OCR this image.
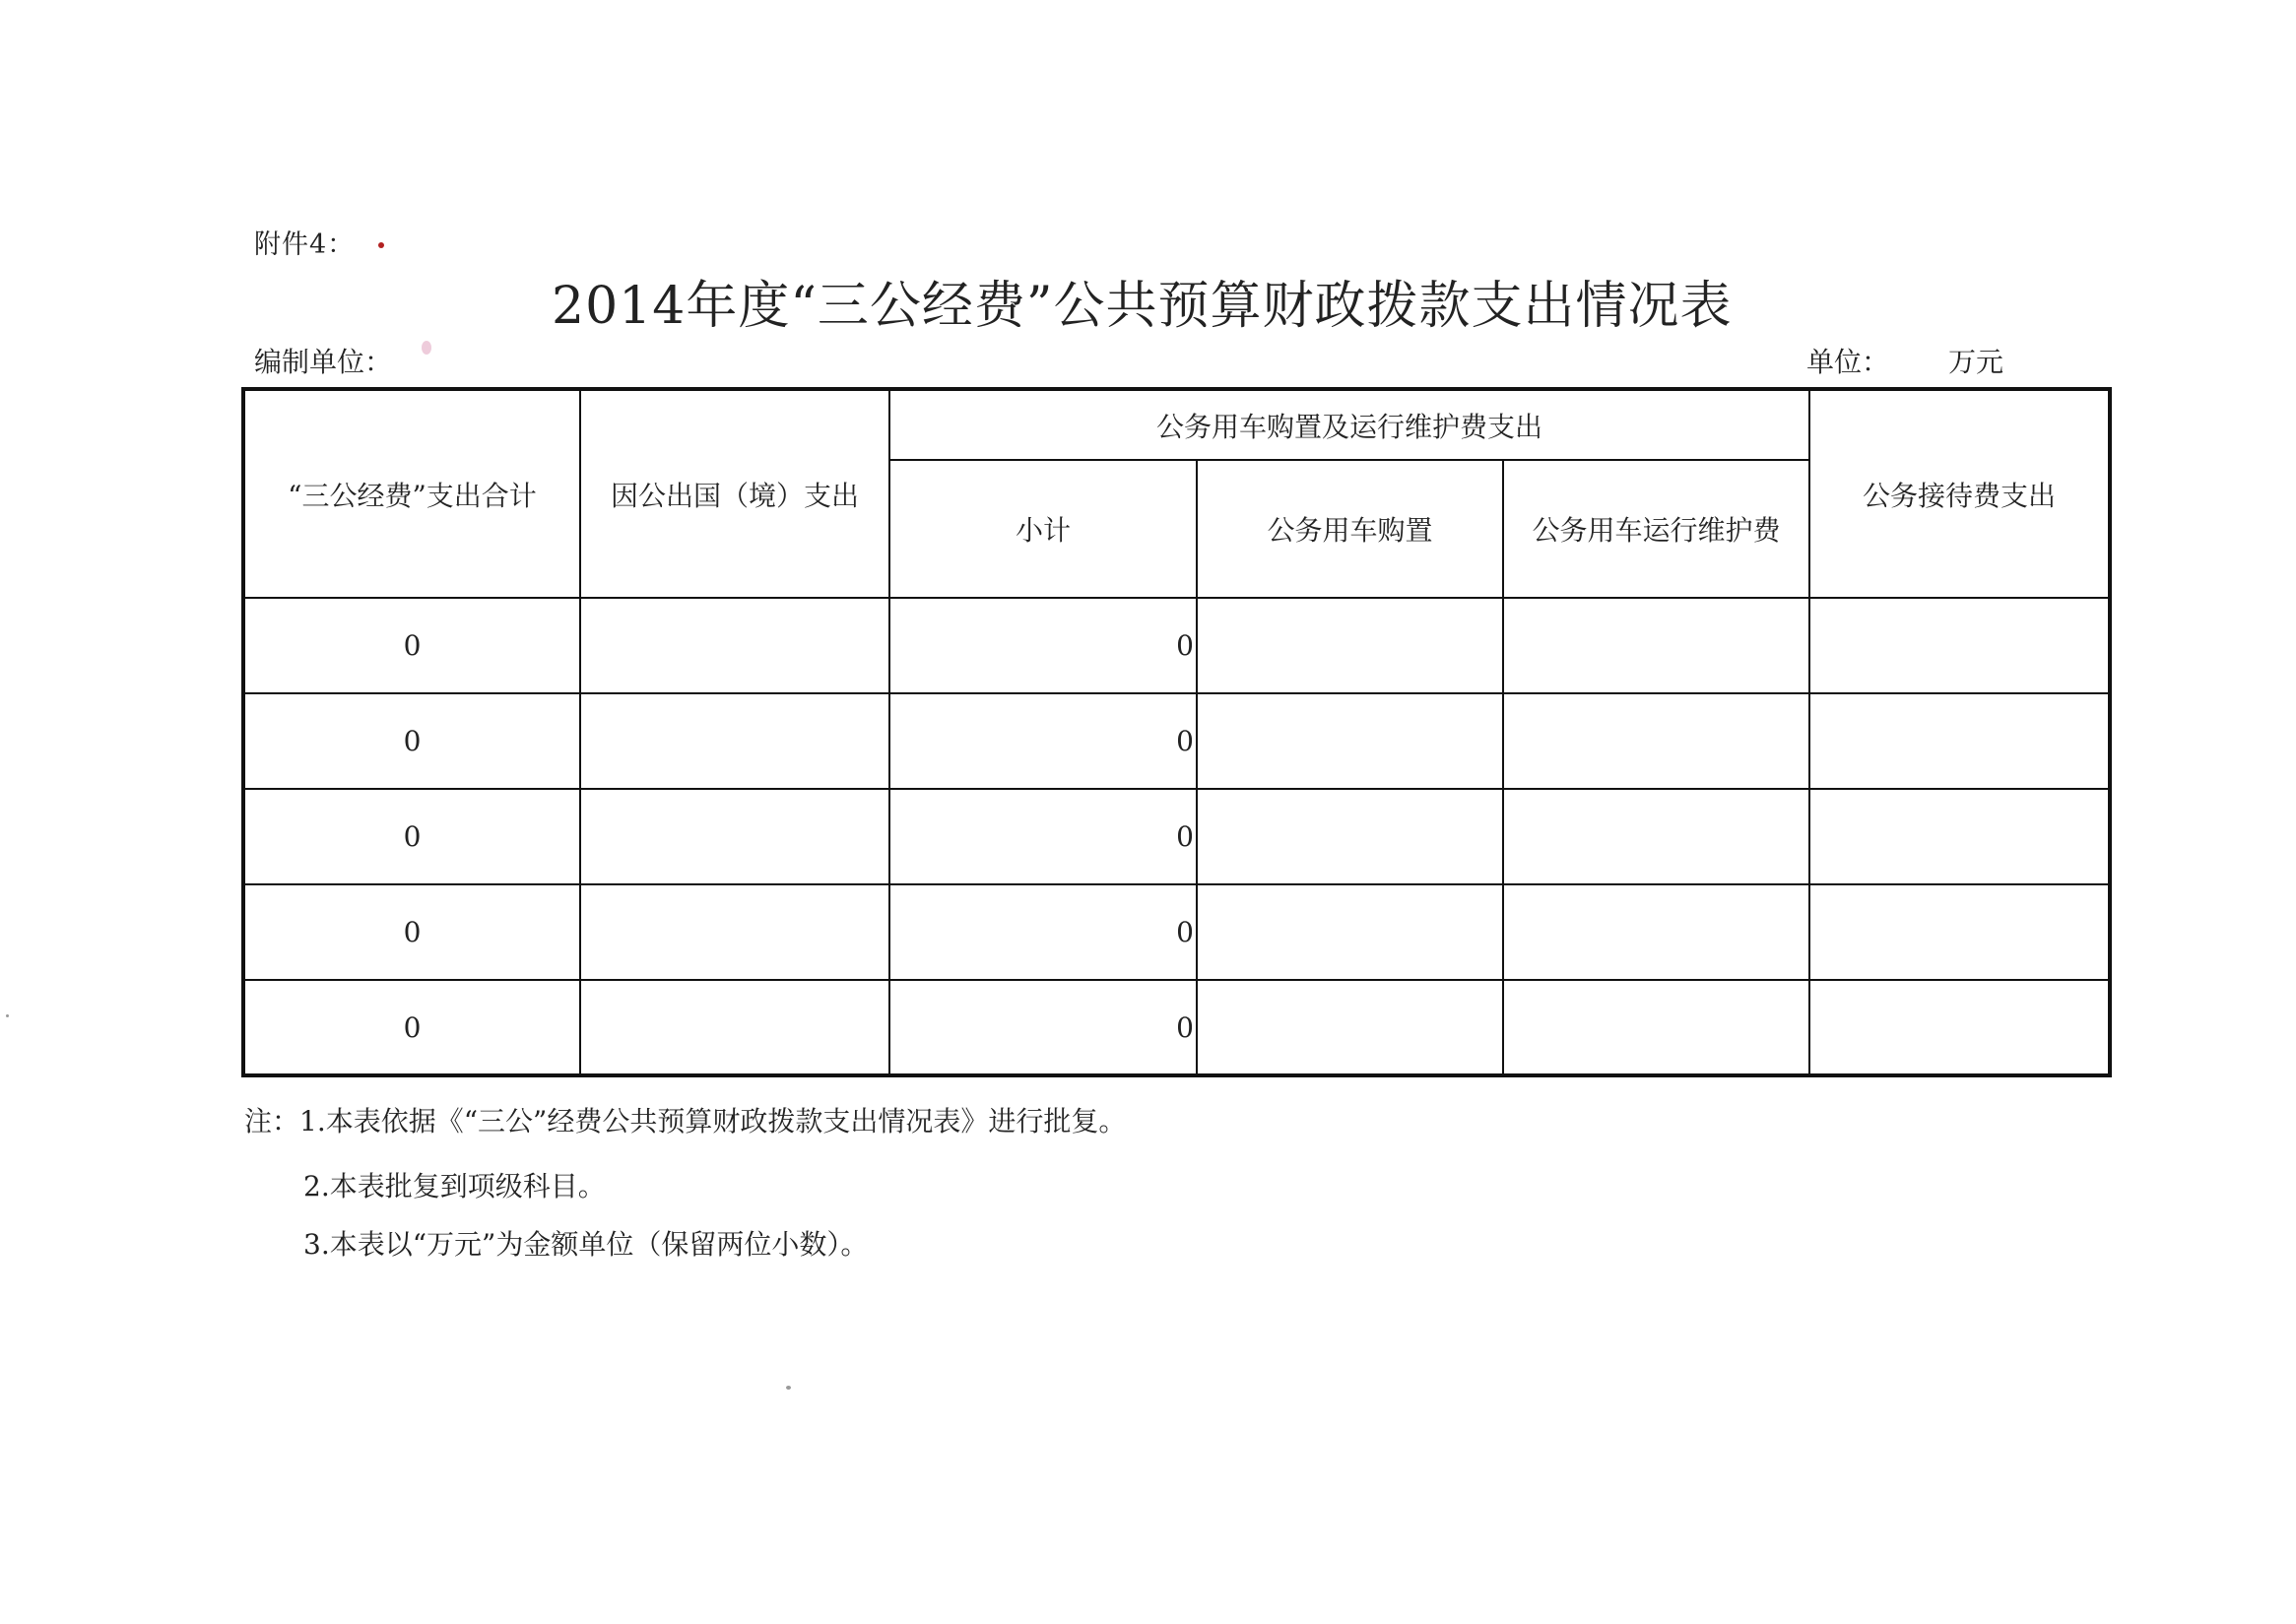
附件4：
2014年度“三公经费”公共预算财政拨款支出情况表
编制单位：	单位： 万元
“三公经费”支出合计	因公出国（境）支出	公务用车购置及运行维护费支出			公务接待费支出
		小计	公务用车购置	公务用车运行维护费	
0		0			
0		0			
0		0			
0		0			
0		0			
注：1.本表依据《“三公”经费公共预算财政拨款支出情况表》进行批复。
2.本表批复到项级科目。
3.本表以“万元”为金额单位（保留两位小数）。
